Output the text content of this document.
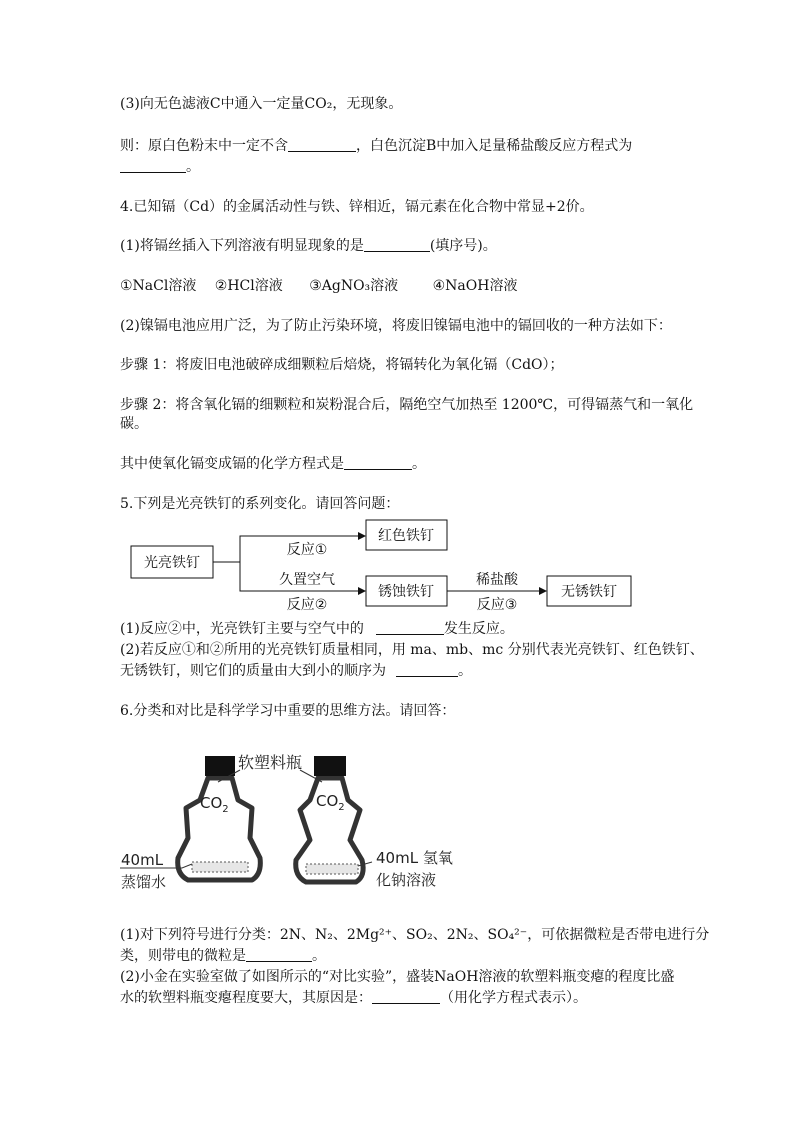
(3)向无色滤液C中通入一定量CO₂，无现象。
则：原白色粉末中一定不含	，白色沉淀B中加入足量稀盐酸反应方程式为
。
4.已知镉（Cd）的金属活动性与铁、锌相近，镉元素在化合物中常显+2价。
(1)将镉丝插入下列溶液有明显现象的是	(填序号)。
①NaCl溶液 ②HCl溶液 ③AgNO₃溶液 ④NaOH溶液
(2)镍镉电池应用广泛，为了防止污染环境，将废旧镍镉电池中的镉回收的一种方法如下：
步骤 1：将废旧电池破碎成细颗粒后焙烧，将镉转化为氧化镉（CdO）；
步骤 2：将含氧化镉的细颗粒和炭粉混合后，隔绝空气加热至 1200℃，可得镉蒸气和一氧化
碳。
其中使氧化镉变成镉的化学方程式是	。
5.下列是光亮铁钉的系列变化。请回答问题：
光亮铁钉
红色铁钉
锈蚀铁钉	无锈铁钉
反应①
久置空气
反应②
稀盐酸
反应③
(1)反应②中，光亮铁钉主要与空气中的	发生反应。
(2)若反应①和②所用的光亮铁钉质量相同，用 ma、mb、mc 分别代表光亮铁钉、红色铁钉、
无锈铁钉，则它们的质量由大到小的顺序为	。
6.分类和对比是科学学习中重要的思维方法。请回答：
软塑料瓶
$CO_2$	$CO_2$
40mL
蒸馏水
40mL 氢氧
化钠溶液
(1)对下列符号进行分类：2N、N₂、2Mg²⁺、SO₂、2N₂、SO₄²⁻，可依据微粒是否带电进行分
类，则带电的微粒是	。
(2)小金在实验室做了如图所示的“对比实验”，盛装NaOH溶液的软塑料瓶变瘪的程度比盛
水的软塑料瓶变瘪程度要大，其原因是：	（用化学方程式表示）。
